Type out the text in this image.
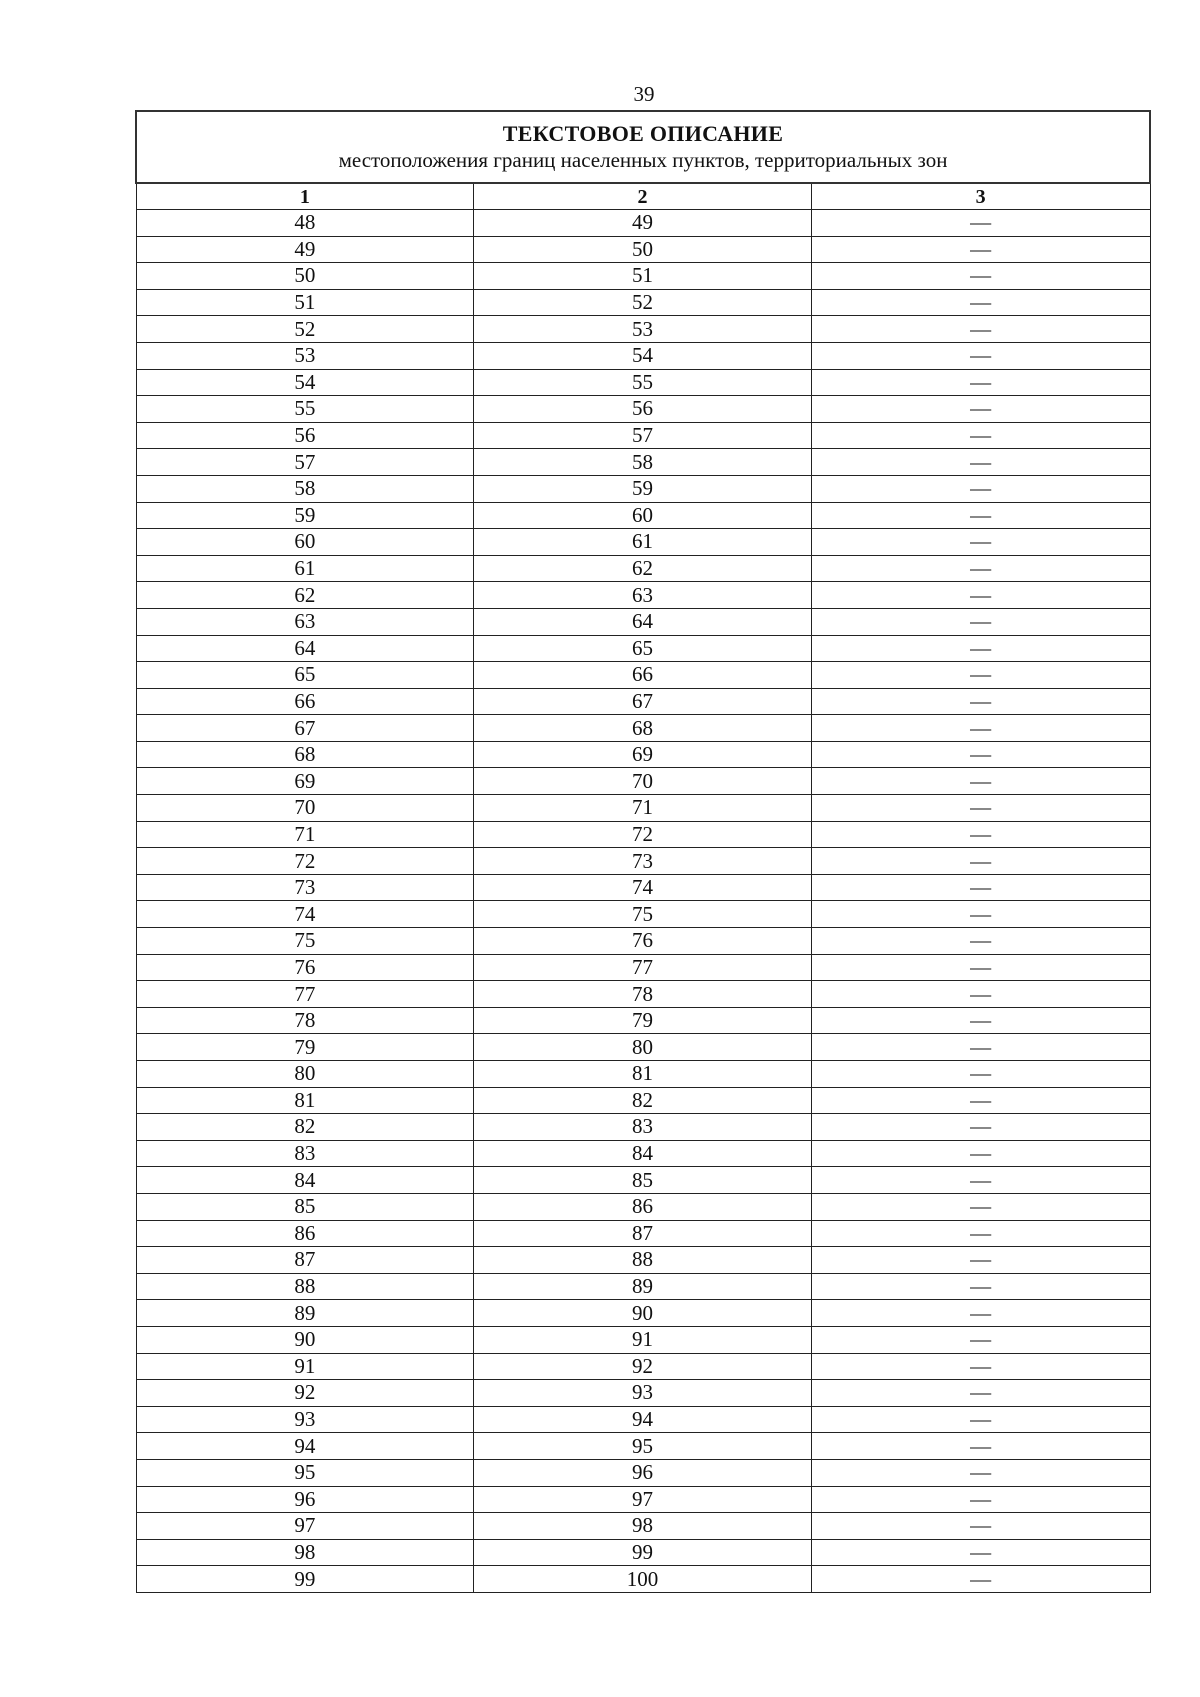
39
ТЕКСТОВОЕ ОПИСАНИЕ
местоположения границ населенных пунктов, территориальных зон		

1	2	3
48	49	—
49	50	—
50	51	—
51	52	—
52	53	—
53	54	—
54	55	—
55	56	—
56	57	—
57	58	—
58	59	—
59	60	—
60	61	—
61	62	—
62	63	—
63	64	—
64	65	—
65	66	—
66	67	—
67	68	—
68	69	—
69	70	—
70	71	—
71	72	—
72	73	—
73	74	—
74	75	—
75	76	—
76	77	—
77	78	—
78	79	—
79	80	—
80	81	—
81	82	—
82	83	—
83	84	—
84	85	—
85	86	—
86	87	—
87	88	—
88	89	—
89	90	—
90	91	—
91	92	—
92	93	—
93	94	—
94	95	—
95	96	—
96	97	—
97	98	—
98	99	—
99	100	—
